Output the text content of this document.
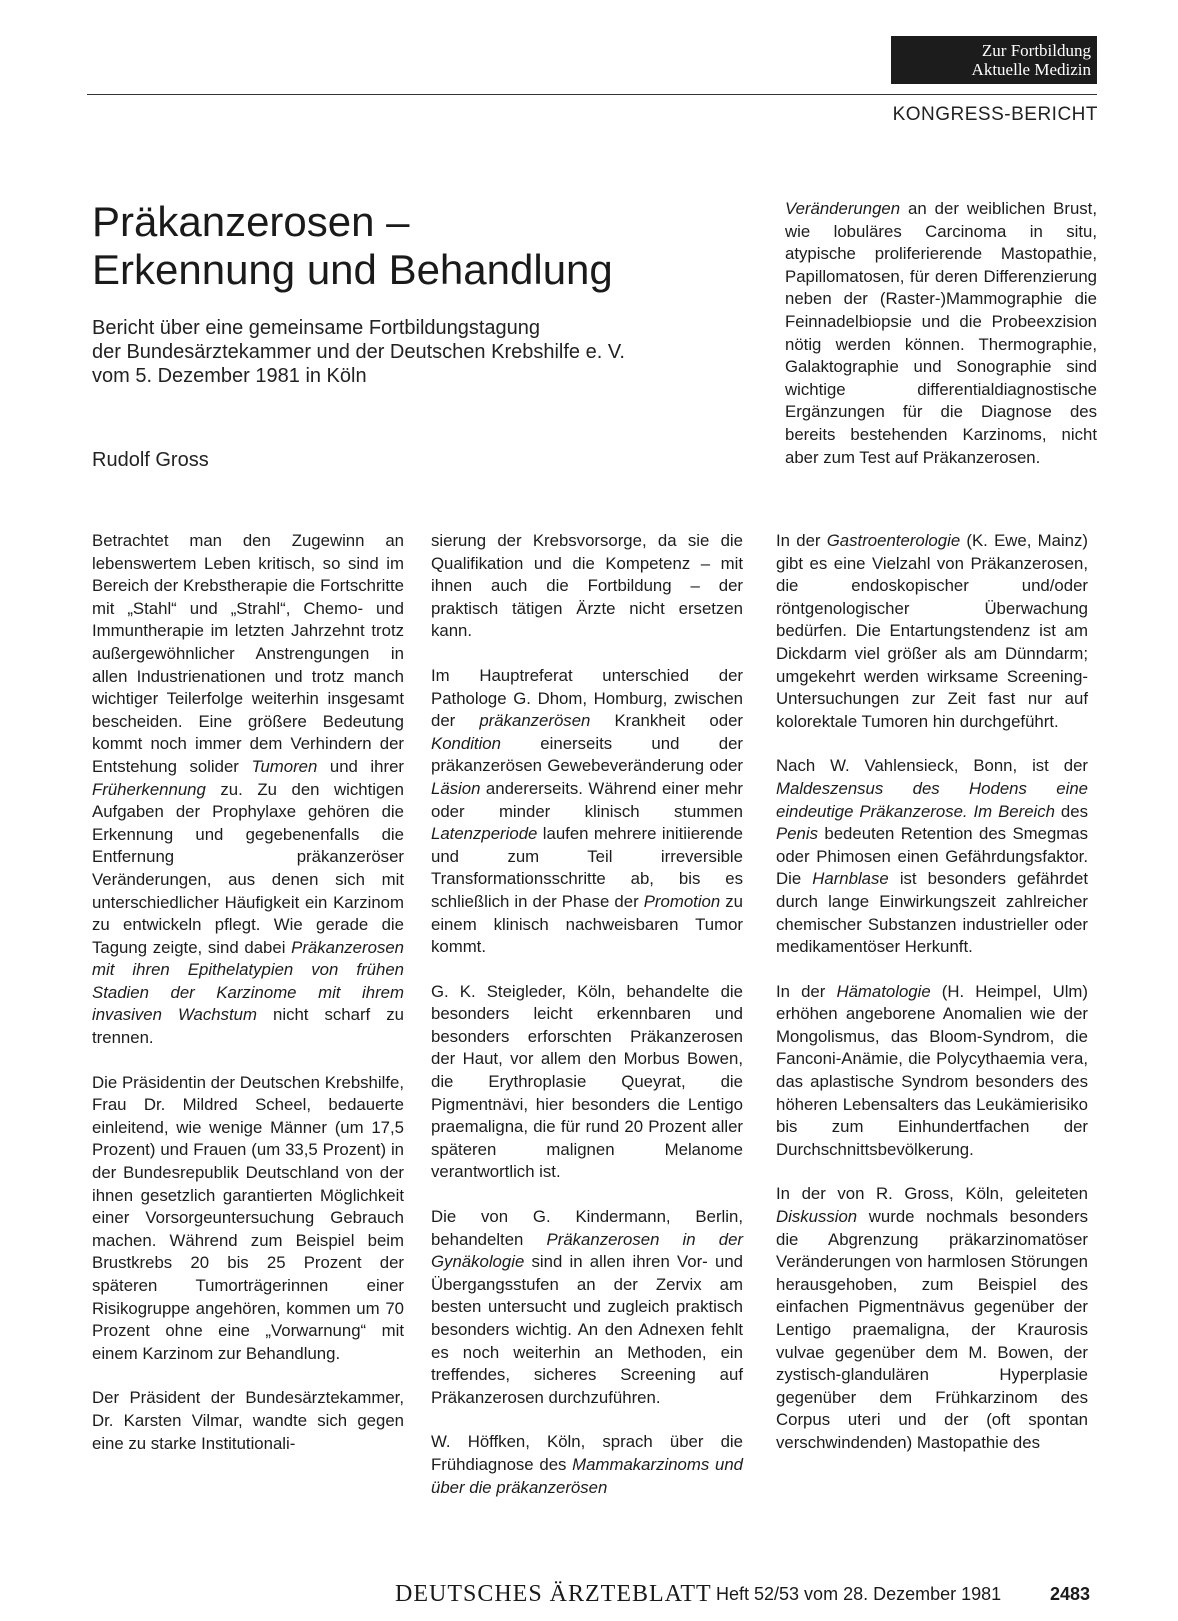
Zur Fortbildung
Aktuelle Medizin
KONGRESS-BERICHT
Präkanzerosen –
Erkennung und Behandlung
Bericht über eine gemeinsame Fortbildungstagung
der Bundesärztekammer und der Deutschen Krebshilfe e. V.
vom 5. Dezember 1981 in Köln
Rudolf Gross

Veränderungen an der weiblichen Brust, wie lobuläres Carcinoma in situ, atypische proliferierende Mastopathie, Papillomatosen, für deren Differenzierung neben der (Raster-)Mammographie die Feinnadelbiopsie und die Probeexzision nötig werden können. Thermographie, Galaktographie und Sonographie sind wichtige differentialdiagnostische Ergänzungen für die Diagnose des bereits bestehenden Karzinoms, nicht aber zum Test auf Präkanzerosen.

Betrachtet man den Zugewinn an lebenswertem Leben kritisch, so sind im Bereich der Krebstherapie die Fortschritte mit „Stahl“ und „Strahl“, Chemo- und Immuntherapie im letzten Jahrzehnt trotz außergewöhnlicher Anstrengungen in allen Industrienationen und trotz manch wichtiger Teilerfolge weiterhin insgesamt bescheiden. Eine größere Bedeutung kommt noch immer dem Verhindern der Entstehung solider Tumoren und ihrer Früherkennung zu. Zu den wichtigen Aufgaben der Prophylaxe gehören die Erkennung und gegebenenfalls die Entfernung präkanzeröser Veränderungen, aus denen sich mit unterschiedlicher Häufigkeit ein Karzinom zu entwickeln pflegt. Wie gerade die Tagung zeigte, sind dabei Präkanzerosen mit ihren Epithelatypien von frühen Stadien der Karzinome mit ihrem invasiven Wachstum nicht scharf zu trennen.

Die Präsidentin der Deutschen Krebshilfe, Frau Dr. Mildred Scheel, bedauerte einleitend, wie wenige Männer (um 17,5 Prozent) und Frauen (um 33,5 Prozent) in der Bundesrepublik Deutschland von der ihnen gesetzlich garantierten Möglichkeit einer Vorsorgeuntersuchung Gebrauch machen. Während zum Beispiel beim Brustkrebs 20 bis 25 Prozent der späteren Tumorträgerinnen einer Risikogruppe angehören, kommen um 70 Prozent ohne eine „Vorwarnung“ mit einem Karzinom zur Behandlung.

Der Präsident der Bundesärztekammer, Dr. Karsten Vilmar, wandte sich gegen eine zu starke Institutionali-

sierung der Krebsvorsorge, da sie die Qualifikation und die Kompetenz – mit ihnen auch die Fortbildung – der praktisch tätigen Ärzte nicht ersetzen kann.

Im Hauptreferat unterschied der Pathologe G. Dhom, Homburg, zwischen der präkanzerösen Krankheit oder Kondition einerseits und der präkanzerösen Gewebeveränderung oder Läsion andererseits. Während einer mehr oder minder klinisch stummen Latenzperiode laufen mehrere initiierende und zum Teil irreversible Transformationsschritte ab, bis es schließlich in der Phase der Promotion zu einem klinisch nachweisbaren Tumor kommt.

G. K. Steigleder, Köln, behandelte die besonders leicht erkennbaren und besonders erforschten Präkanzerosen der Haut, vor allem den Morbus Bowen, die Erythroplasie Queyrat, die Pigmentnävi, hier besonders die Lentigo praemaligna, die für rund 20 Prozent aller späteren malignen Melanome verantwortlich ist.

Die von G. Kindermann, Berlin, behandelten Präkanzerosen in der Gynäkologie sind in allen ihren Vor- und Übergangsstufen an der Zervix am besten untersucht und zugleich praktisch besonders wichtig. An den Adnexen fehlt es noch weiterhin an Methoden, ein treffendes, sicheres Screening auf Präkanzerosen durchzuführen.

W. Höffken, Köln, sprach über die Frühdiagnose des Mammakarzinoms und über die präkanzerösen

In der Gastroenterologie (K. Ewe, Mainz) gibt es eine Vielzahl von Präkanzerosen, die endoskopischer und/oder röntgenologischer Überwachung bedürfen. Die Entartungstendenz ist am Dickdarm viel größer als am Dünndarm; umgekehrt werden wirksame Screening-Untersuchungen zur Zeit fast nur auf kolorektale Tumoren hin durchgeführt.

Nach W. Vahlensieck, Bonn, ist der Maldeszensus des Hodens eine eindeutige Präkanzerose. Im Bereich des Penis bedeuten Retention des Smegmas oder Phimosen einen Gefährdungsfaktor. Die Harnblase ist besonders gefährdet durch lange Einwirkungszeit zahlreicher chemischer Substanzen industrieller oder medikamentöser Herkunft.

In der Hämatologie (H. Heimpel, Ulm) erhöhen angeborene Anomalien wie der Mongolismus, das Bloom-Syndrom, die Fanconi-Anämie, die Polycythaemia vera, das aplastische Syndrom besonders des höheren Lebensalters das Leukämierisiko bis zum Einhundertfachen der Durchschnittsbevölkerung.

In der von R. Gross, Köln, geleiteten Diskussion wurde nochmals besonders die Abgrenzung präkarzinomatöser Veränderungen von harmlosen Störungen herausgehoben, zum Beispiel des einfachen Pigmentnävus gegenüber der Lentigo praemaligna, der Kraurosis vulvae gegenüber dem M. Bowen, der zystisch-glandulären Hyperplasie gegenüber dem Frühkarzinom des Corpus uteri und der (oft spontan verschwindenden) Mastopathie des

DEUTSCHES ÄRZTEBLATT Heft 52/53 vom 28. Dezember 1981	2483
